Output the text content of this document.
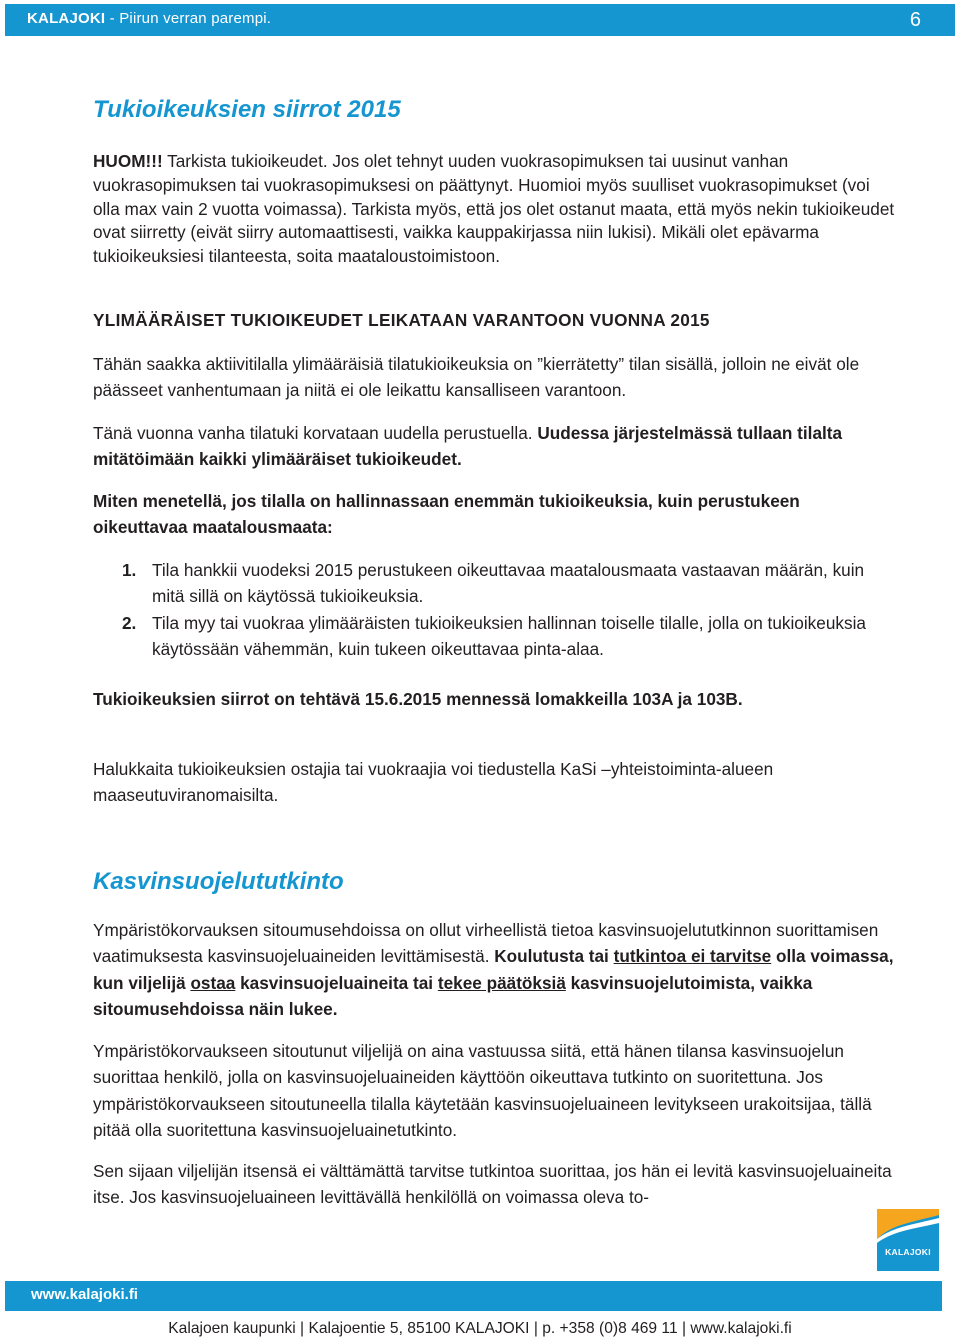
KALAJOKI - Piirun verran parempi.	6
Tukioikeuksien siirrot 2015

HUOM!!! Tarkista tukioikeudet. Jos olet tehnyt uuden vuokrasopimuksen tai uusinut vanhan vuokrasopimuksen tai vuokrasopimuksesi on päättynyt. Huomioi myös suulliset vuokrasopimukset (voi olla max vain 2 vuotta voimassa). Tarkista myös, että jos olet ostanut maata, että myös nekin tukioikeudet ovat siirretty (eivät siirry automaattisesti, vaikka kauppakirjassa niin lukisi). Mikäli olet epävarma tukioikeuksiesi tilanteesta, soita maataloustoimistoon.

YLIMÄÄRÄISET TUKIOIKEUDET LEIKATAAN VARANTOON VUONNA 2015

Tähän saakka aktiivitilalla ylimääräisiä tilatukioikeuksia on ”kierrätetty” tilan sisällä, jolloin ne eivät ole päässeet vanhentumaan ja niitä ei ole leikattu kansalliseen varantoon.

Tänä vuonna vanha tilatuki korvataan uudella perustuella. Uudessa järjestelmässä tullaan tilalta mitätöimään kaikki ylimääräiset tukioikeudet.

Miten menetellä, jos tilalla on hallinnassaan enemmän tukioikeuksia, kuin perustukeen oikeuttavaa maatalousmaata:

1. Tila hankkii vuodeksi 2015 perustukeen oikeuttavaa maatalousmaata vastaavan määrän, kuin mitä sillä on käytössä tukioikeuksia.
2. Tila myy tai vuokraa ylimääräisten tukioikeuksien hallinnan toiselle tilalle, jolla on tukioikeuksia käytössään vähemmän, kuin tukeen oikeuttavaa pinta-alaa.

Tukioikeuksien siirrot on tehtävä 15.6.2015 mennessä lomakkeilla 103A ja 103B.

Halukkaita tukioikeuksien ostajia tai vuokraajia voi tiedustella KaSi –yhteistoiminta-alueen maaseutuviranomaisilta.

Kasvinsuojelututkinto

Ympäristökorvauksen sitoumusehdoissa on ollut virheellistä tietoa kasvinsuojelututkinnon suorittamisen vaatimuksesta kasvinsuojeluaineiden levittämisestä. Koulutusta tai tutkintoa ei tarvitse olla voimassa, kun viljelijä ostaa kasvinsuojeluaineita tai tekee päätöksiä kasvinsuojelutoimista, vaikka sitoumusehdoissa näin lukee.

Ympäristökorvaukseen sitoutunut viljelijä on aina vastuussa siitä, että hänen tilansa kasvinsuojelun suorittaa henkilö, jolla on kasvinsuojeluaineiden käyttöön oikeuttava tutkinto on suoritettuna. Jos ympäristökorvaukseen sitoutuneella tilalla käytetään kasvinsuojeluaineen levitykseen urakoitsijaa, tällä pitää olla suoritettuna kasvinsuojeluainetutkinto.

Sen sijaan viljelijän itsensä ei välttämättä tarvitse tutkintoa suorittaa, jos hän ei levitä kasvinsuojeluaineita itse. Jos kasvinsuojeluaineen levittävällä henkilöllä on voimassa oleva to-

KALAJOKI
www.kalajoki.fi
Kalajoen kaupunki | Kalajoentie 5, 85100 KALAJOKI | p. +358 (0)8 469 11 | www.kalajoki.fi
